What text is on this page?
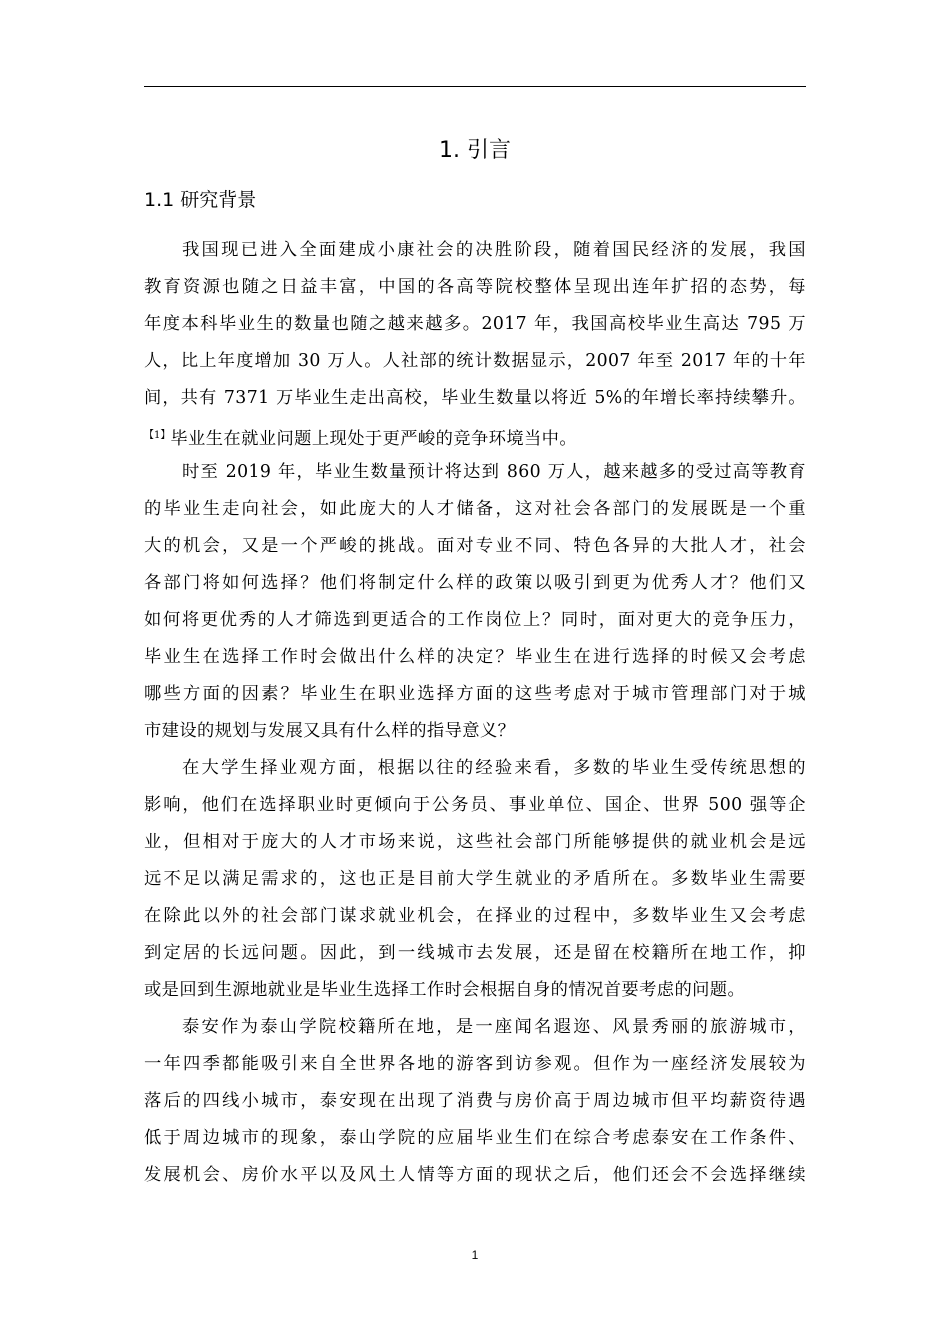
1. 引言
1.1 研究背景
我国现已进入全面建成小康社会的决胜阶段，随着国民经济的发展，我国
教育资源也随之日益丰富，中国的各高等院校整体呈现出连年扩招的态势，每
年度本科毕业生的数量也随之越来越多。2017 年，我国高校毕业生高达 795 万
人，比上年度增加 30 万人。人社部的统计数据显示，2007 年至 2017 年的十年
间，共有 7371 万毕业生走出高校，毕业生数量以将近 5%的年增长率持续攀升。
$^{【1】}$毕业生在就业问题上现处于更严峻的竞争环境当中。
时至 2019 年，毕业生数量预计将达到 860 万人，越来越多的受过高等教育
的毕业生走向社会，如此庞大的人才储备，这对社会各部门的发展既是一个重
大的机会，又是一个严峻的挑战。面对专业不同、特色各异的大批人才，社会
各部门将如何选择？他们将制定什么样的政策以吸引到更为优秀人才？他们又
如何将更优秀的人才筛选到更适合的工作岗位上？同时，面对更大的竞争压力，
毕业生在选择工作时会做出什么样的决定？毕业生在进行选择的时候又会考虑
哪些方面的因素？毕业生在职业选择方面的这些考虑对于城市管理部门对于城
市建设的规划与发展又具有什么样的指导意义？
在大学生择业观方面，根据以往的经验来看，多数的毕业生受传统思想的
影响，他们在选择职业时更倾向于公务员、事业单位、国企、世界 500 强等企
业，但相对于庞大的人才市场来说，这些社会部门所能够提供的就业机会是远
远不足以满足需求的，这也正是目前大学生就业的矛盾所在。多数毕业生需要
在除此以外的社会部门谋求就业机会，在择业的过程中，多数毕业生又会考虑
到定居的长远问题。因此，到一线城市去发展，还是留在校籍所在地工作，抑
或是回到生源地就业是毕业生选择工作时会根据自身的情况首要考虑的问题。
泰安作为泰山学院校籍所在地，是一座闻名遐迩、风景秀丽的旅游城市，
一年四季都能吸引来自全世界各地的游客到访参观。但作为一座经济发展较为
落后的四线小城市，泰安现在出现了消费与房价高于周边城市但平均薪资待遇
低于周边城市的现象，泰山学院的应届毕业生们在综合考虑泰安在工作条件、
发展机会、房价水平以及风土人情等方面的现状之后，他们还会不会选择继续
1
